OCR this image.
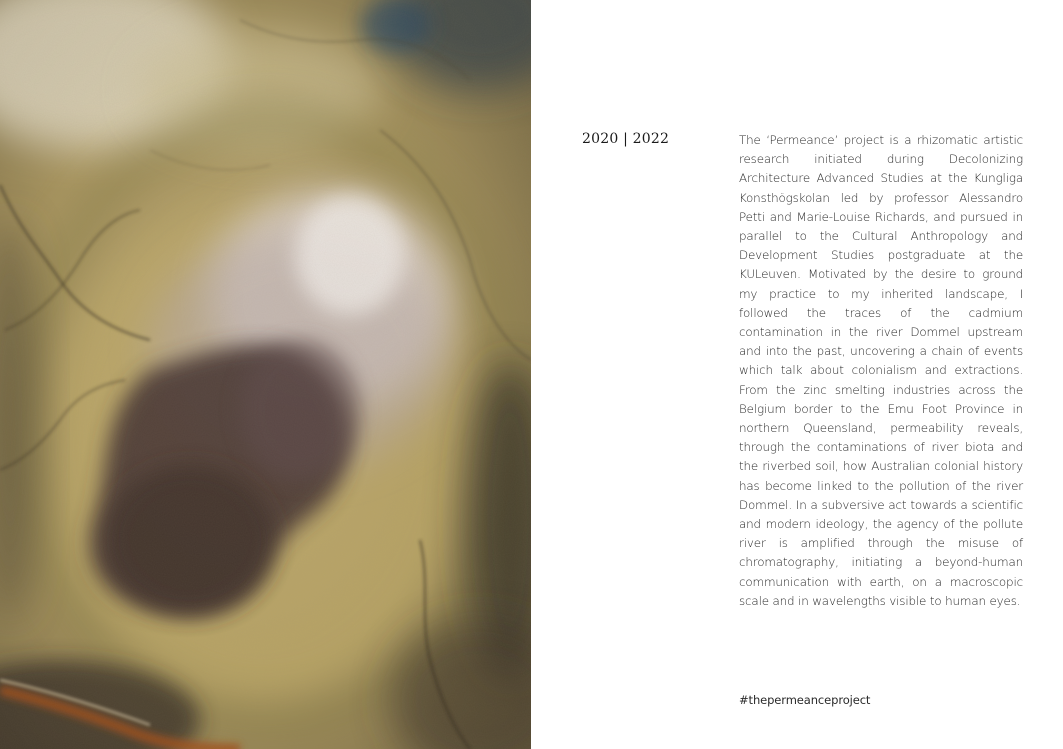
2020 | 2022	The ‘Permeance’ project is a rhizomatic artistic research initiated during Decolonizing Architecture Advanced Studies at the Kungliga Konsthögskolan led by professor Alessandro Petti and Marie-Louise Richards, and pursued in parallel to the Cultural Anthropology and Development Studies postgraduate at the KULeuven. Motivated by the desire to ground my practice to my inherited landscape, I followed the traces of the cadmium contamination in the river Dommel upstream and into the past, uncovering a chain of events which talk about colonialism and extractions. From the zinc smelting industries across the Belgium border to the Emu Foot Province in northern Queensland, permeability reveals, through the contaminations of river biota and the riverbed soil, how Australian colonial history has become linked to the pollution of the river Dommel. In a subversive act towards a scientific and modern ideology, the agency of the pollute river is amplified through the misuse of chromatography, initiating a beyond-human communication with earth, on a macroscopic scale and in wavelengths visible to human eyes.

#thepermeanceproject
